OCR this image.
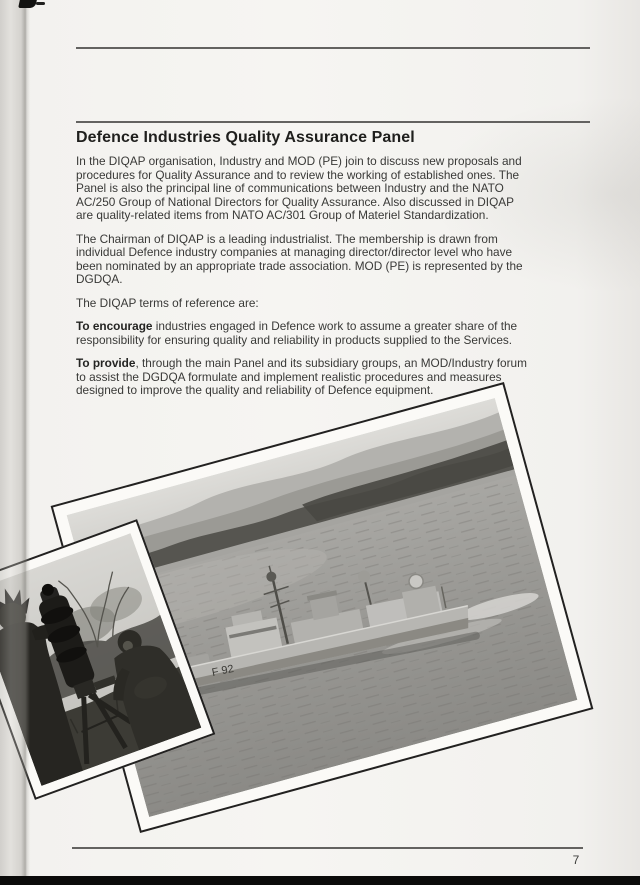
Defence Industries Quality Assurance Panel

In the DIQAP organisation, Industry and MOD (PE) join to discuss new proposals and procedures for Quality Assurance and to review the working of established ones. The Panel is also the principal line of communications between Industry and the NATO AC/250 Group of National Directors for Quality Assurance. Also discussed in DIQAP are quality-related items from NATO AC/301 Group of Materiel Standardization.

The Chairman of DIQAP is a leading industrialist. The membership is drawn from individual Defence industry companies at managing director/director level who have been nominated by an appropriate trade association. MOD (PE) is represented by the DGDQA.

The DIQAP terms of reference are:

To encourage industries engaged in Defence work to assume a greater share of the responsibility for ensuring quality and reliability in products supplied to the Services.

To provide, through the main Panel and its subsidiary groups, an MOD/Industry forum to assist the DGDQA formulate and implement realistic procedures and measures designed to improve the quality and reliability of Defence equipment.

F 92
7
